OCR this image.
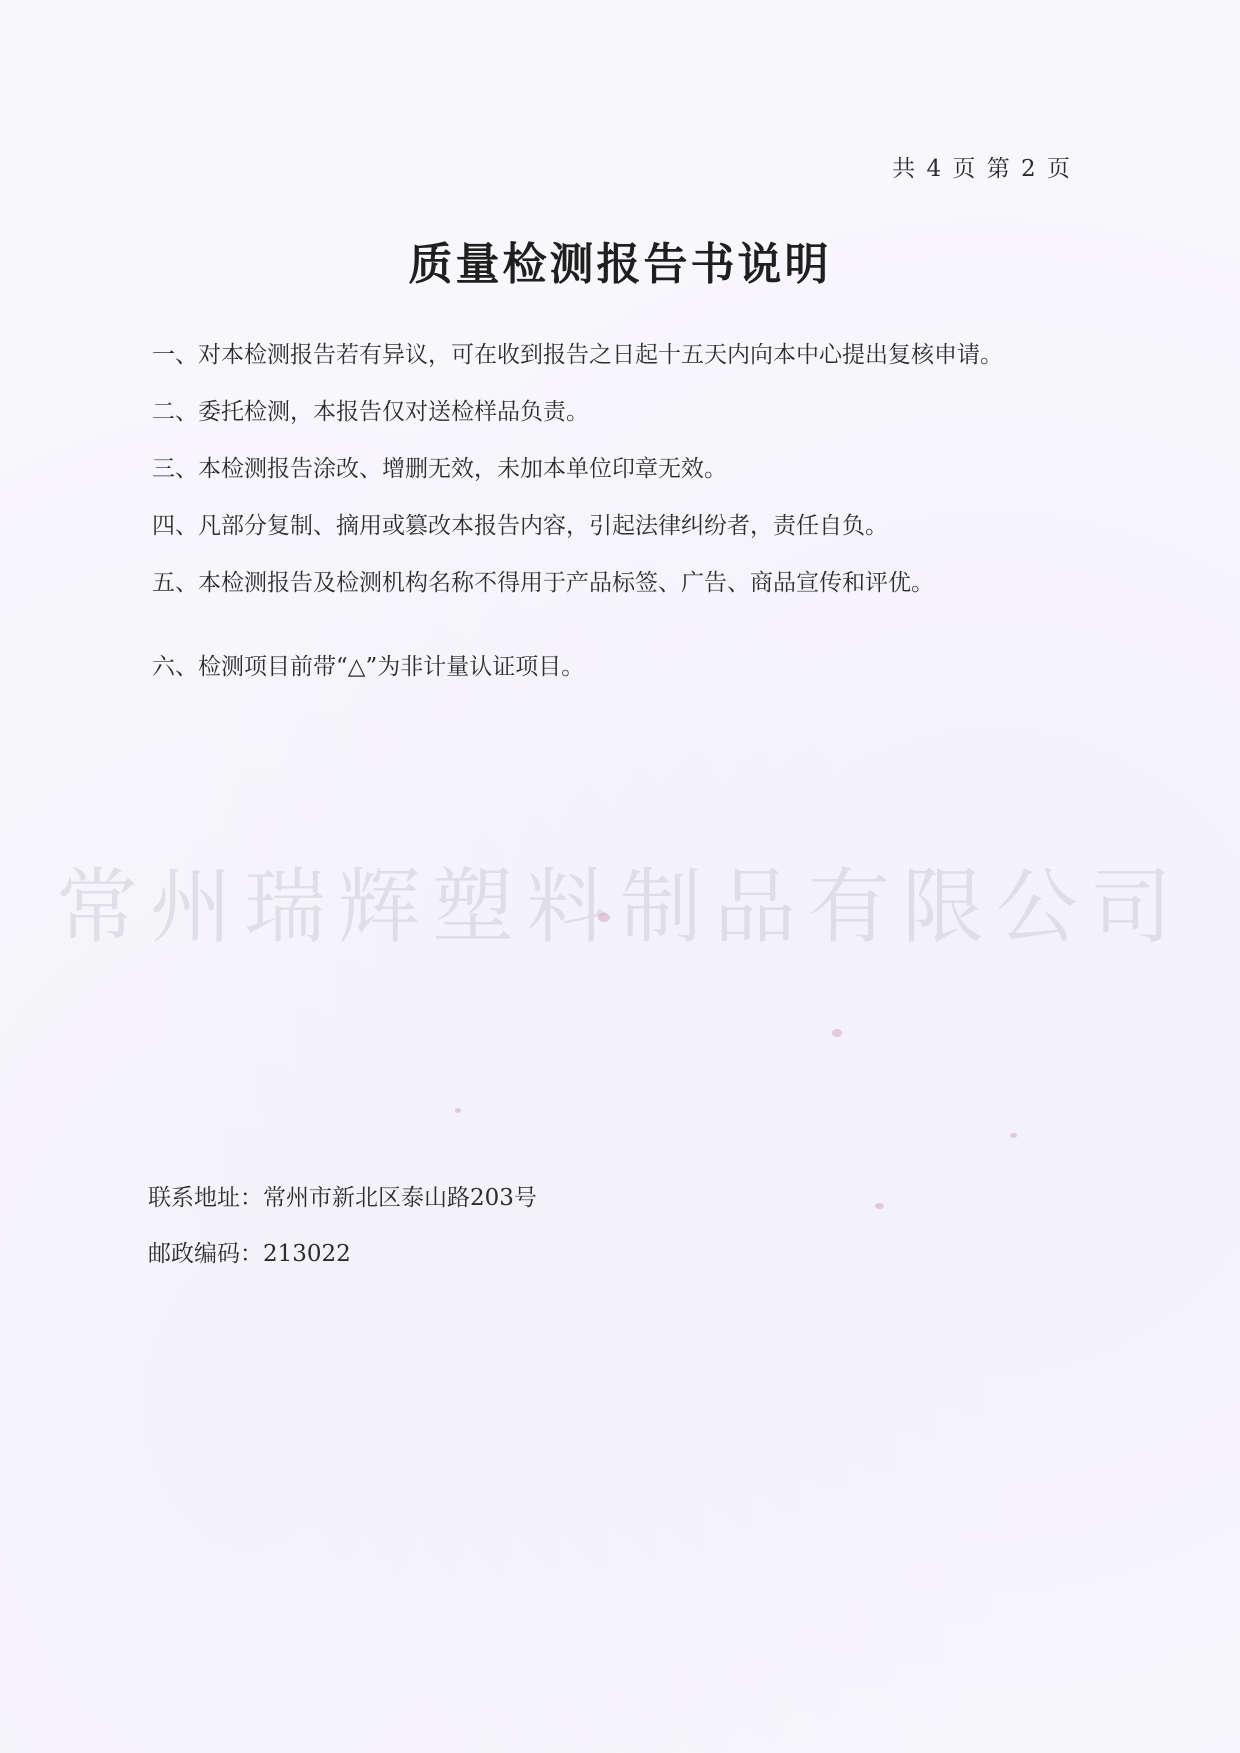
共 4 页 第 2 页
质量检测报告书说明
一、对本检测报告若有异议，可在收到报告之日起十五天内向本中心提出复核申请。
二、委托检测，本报告仅对送检样品负责。
三、本检测报告涂改、增删无效，未加本单位印章无效。
四、凡部分复制、摘用或篡改本报告内容，引起法律纠纷者，责任自负。
五、本检测报告及检测机构名称不得用于产品标签、广告、商品宣传和评优。
六、检测项目前带“△”为非计量认证项目。
常州瑞辉塑料制品有限公司
联系地址：常州市新北区泰山路203号
邮政编码：213022
